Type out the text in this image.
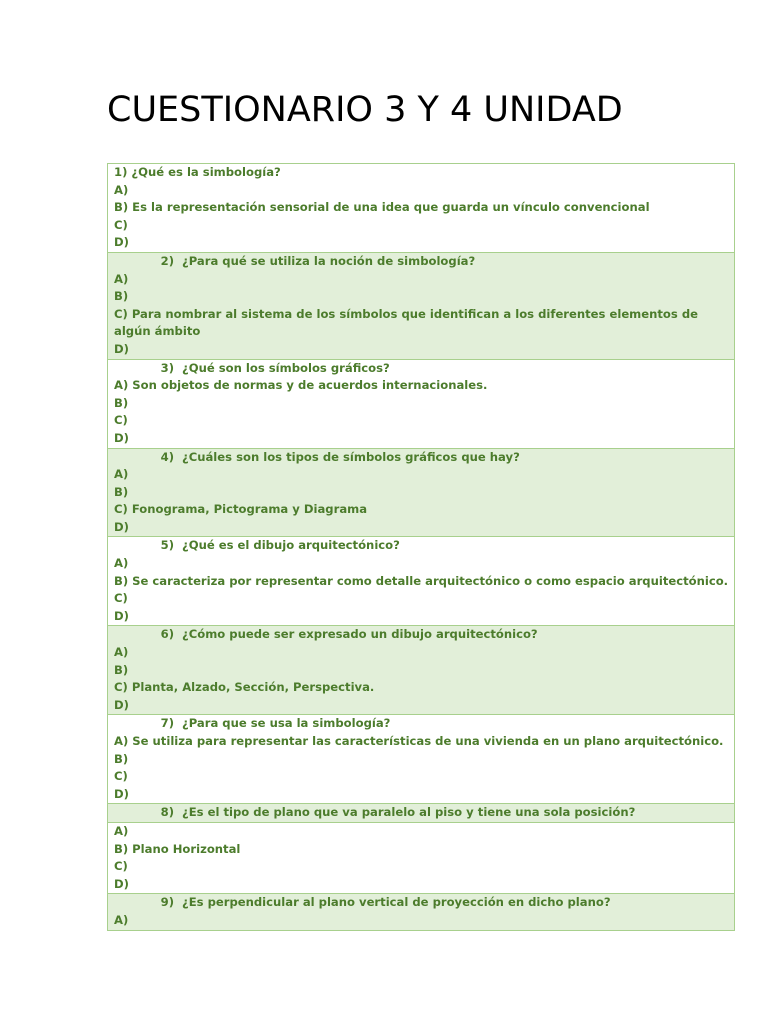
CUESTIONARIO 3 Y 4 UNIDAD
1) ¿Qué es la simbología?
A)
B) Es la representación sensorial de una idea que guarda un vínculo convencional
C)
D)

2) ¿Para qué se utiliza la noción de simbología?
A)
B)
C) Para nombrar al sistema de los símbolos que identifican a los diferentes elementos de algún ámbito
D)

3) ¿Qué son los símbolos gráficos?
A) Son objetos de normas y de acuerdos internacionales.
B)
C)
D)

4) ¿Cuáles son los tipos de símbolos gráficos que hay?
A)
B)
C) Fonograma, Pictograma y Diagrama
D)

5) ¿Qué es el dibujo arquitectónico?
A)
B) Se caracteriza por representar como detalle arquitectónico o como espacio arquitectónico.
C)
D)

6) ¿Cómo puede ser expresado un dibujo arquitectónico?
A)
B)
C) Planta, Alzado, Sección, Perspectiva.
D)

7) ¿Para que se usa la simbología?
A) Se utiliza para representar las características de una vivienda en un plano arquitectónico.
B)
C)
D)

8) ¿Es el tipo de plano que va paralelo al piso y tiene una sola posición?

A)
B) Plano Horizontal
C)
D)

9) ¿Es perpendicular al plano vertical de proyección en dicho plano?
A)
